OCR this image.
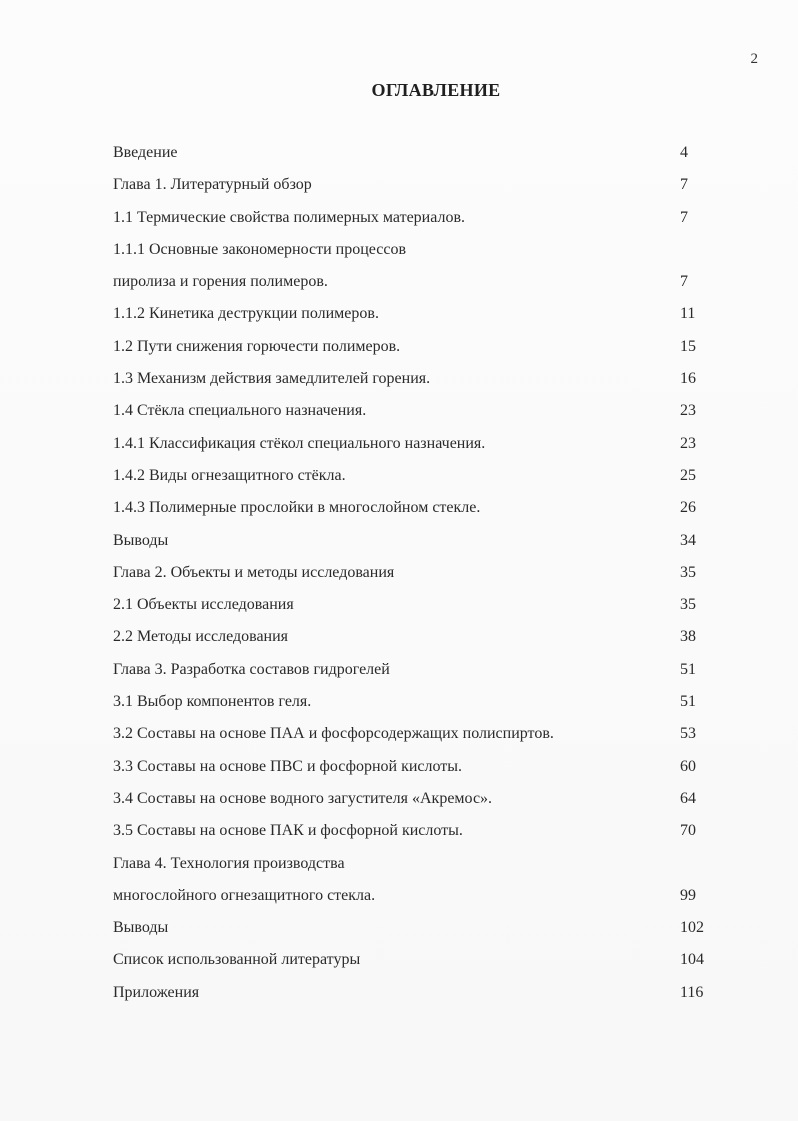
2
ОГЛАВЛЕНИЕ
Введение	4
Глава 1. Литературный обзор	7
1.1 Термические свойства полимерных материалов.	7
1.1.1 Основные закономерности процессов
пиролиза и горения полимеров.	7
1.1.2 Кинетика деструкции полимеров.	11
1.2 Пути снижения горючести полимеров.	15
1.3 Механизм действия замедлителей горения.	16
1.4 Стёкла специального назначения.	23
1.4.1 Классификация стёкол специального назначения.	23
1.4.2 Виды огнезащитного стёкла.	25
1.4.3 Полимерные прослойки в многослойном стекле.	26
Выводы	34
Глава 2. Объекты и методы исследования	35
2.1 Объекты исследования	35
2.2 Методы исследования	38
Глава 3. Разработка составов гидрогелей	51
3.1 Выбор компонентов геля.	51
3.2 Составы на основе ПАА и фосфорсодержащих полиспиртов.	53
3.3 Составы на основе ПВС и фосфорной кислоты.	60
3.4 Составы на основе водного загустителя «Акремос».	64
3.5 Составы на основе ПАК и фосфорной кислоты.	70
Глава 4. Технология производства
многослойного огнезащитного стекла.	99
Выводы	102
Список использованной литературы	104
Приложения	116
